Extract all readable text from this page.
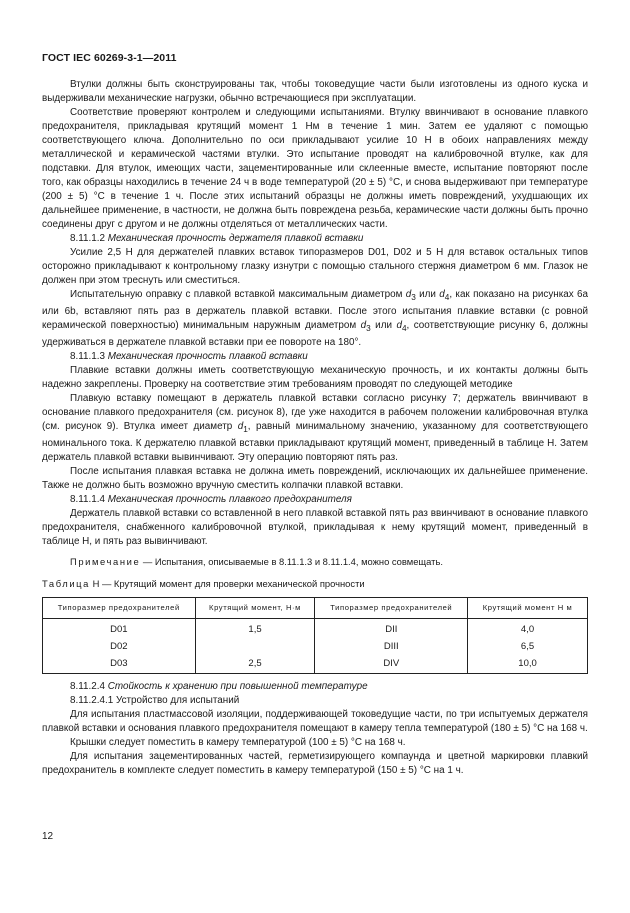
ГОСТ IEC 60269-3-1—2011

Втулки должны быть сконструированы так, чтобы токоведущие части были изготовлены из одного куска и выдерживали механические нагрузки, обычно встречающиеся при эксплуатации.

Соответствие проверяют контролем и следующими испытаниями. Втулку ввинчивают в основание плавкого предохранителя, прикладывая крутящий момент 1 Нм в течение 1 мин. Затем ее удаляют с помощью соответствующего ключа. Дополнительно по оси прикладывают усилие 10 Н в обоих направлениях между металлической и керамической частями втулки. Это испытание проводят на калибровочной втулке, как для подставки. Для втулок, имеющих части, зацементированные или склеенные вместе, испытание повторяют после того, как образцы находились в течение 24 ч в воде температурой (20 ± 5) °С, и снова выдерживают при температуре (200 ± 5) °С в течение 1 ч. После этих испытаний образцы не должны иметь повреждений, ухудшающих их дальнейшее применение, в частности, не должна быть повреждена резьба, керамические части должны быть прочно соединены друг с другом и не должны отделяться от металлических части.

8.11.1.2 Механическая прочность держателя плавкой вставки

Усилие 2,5 Н для держателей плавких вставок типоразмеров D01, D02 и 5 Н для вставок остальных типов осторожно прикладывают к контрольному глазку изнутри с помощью стального стержня диаметром 6 мм. Глазок не должен при этом треснуть или сместиться.

Испытательную оправку с плавкой вставкой максимальным диаметром $d_3$ или $d_4$, как показано на рисунках 6а или 6b, вставляют пять раз в держатель плавкой вставки. После этого испытания плавкие вставки (с ровной керамической поверхностью) минимальным наружным диаметром $d_3$ или $d_4$, соответствующие рисунку 6, должны удерживаться в держателе плавкой вставки при ее повороте на 180°.

8.11.1.3 Механическая прочность плавкой вставки

Плавкие вставки должны иметь соответствующую механическую прочность, и их контакты должны быть надежно закреплены. Проверку на соответствие этим требованиям проводят по следующей методике

Плавкую вставку помещают в держатель плавкой вставки согласно рисунку 7; держатель ввинчивают в основание плавкого предохранителя (см. рисунок 8), где уже находится в рабочем положении калибровочная втулка (см. рисунок 9). Втулка имеет диаметр $d_1$, равный минимальному значению, указанному для соответствующего номинального тока. К держателю плавкой вставки прикладывают крутящий момент, приведенный в таблице Н. Затем держатель плавкой вставки вывинчивают. Эту операцию повторяют пять раз.

После испытания плавкая вставка не должна иметь повреждений, исключающих их дальнейшее применение. Также не должно быть возможно вручную сместить колпачки плавкой вставки.

8.11.1.4 Механическая прочность плавкого предохранителя

Держатель плавкой вставки со вставленной в него плавкой вставкой пять раз ввинчивают в основание плавкого предохранителя, снабженного калибровочной втулкой, прикладывая к нему крутящий момент, приведенный в таблице Н, и пять раз вывинчивают.

Примечание — Испытания, описываемые в 8.11.1.3 и 8.11.1.4, можно совмещать.

Таблица Н — Крутящий момент для проверки механической прочности

Типоразмер предохранителей	Крутящий момент, Н·м	Типоразмер предохранителей	Крутящий момент Н м
D01	1,5	DII	4,0
D02		DIII	6,5
D03	2,5	DIV	10,0

8.11.2.4 Стойкость к хранению при повышенной температуре

8.11.2.4.1 Устройство для испытаний

Для испытания пластмассовой изоляции, поддерживающей токоведущие части, по три испытуемых держателя плавкой вставки и основания плавкого предохранителя помещают в камеру тепла температурой (180 ± 5) °С на 168 ч.

Крышки следует поместить в камеру температурой (100 ± 5) °С на 168 ч.

Для испытания зацементированных частей, герметизирующего компаунда и цветной маркировки плавкий предохранитель в комплекте следует поместить в камеру температурой (150 ± 5) °С на 1 ч.

12
